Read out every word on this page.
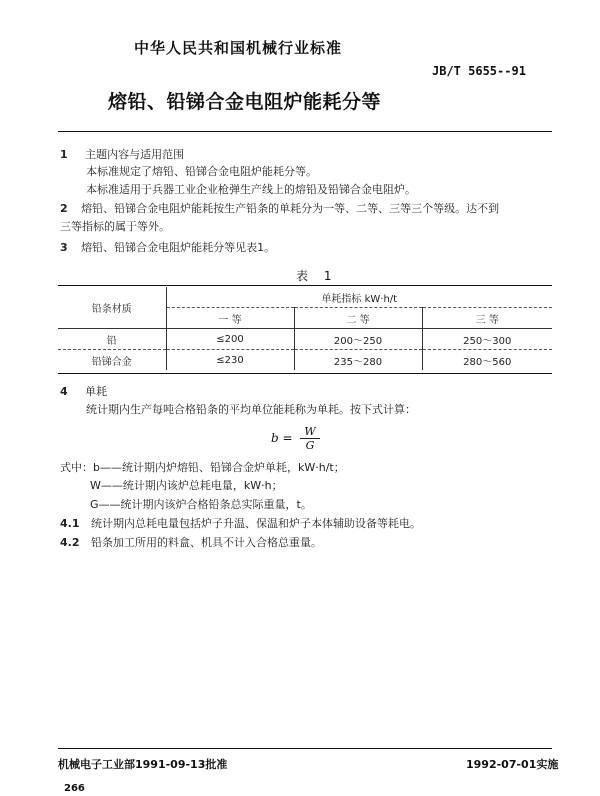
中华人民共和国机械行业标准
JB/T 5655--91
熔铅、铅锑合金电阻炉能耗分等
1 主题内容与适用范围
本标准规定了熔铅、铅锑合金电阻炉能耗分等。
本标准适用于兵器工业企业枪弹生产线上的熔铅及铅锑合金电阻炉。
2 熔铅、铅锑合金电阻炉能耗按生产铅条的单耗分为一等、二等、三等三个等级。达不到
三等指标的属于等外。
3 熔铅、铅锑合金电阻炉能耗分等见表1。
表 1
铅条材质	单耗指标 kW·h/t		
	一 等	二 等	三 等
铅	≤200	200～250	250～300
铅锑合金	≤230	235～280	280～560
4 单耗
统计期内生产每吨合格铅条的平均单位能耗称为单耗。按下式计算：
$b = \frac{W}{G}$
式中：b——统计期内炉熔铅、铅锑合金炉单耗，kW·h/t；
W——统计期内该炉总耗电量，kW·h；
G——统计期内该炉合格铅条总实际重量，t。
4.1 统计期内总耗电量包括炉子升温、保温和炉子本体辅助设备等耗电。
4.2 铅条加工所用的料盒、机具不计入合格总重量。
机械电子工业部1991-09-13批准	1992-07-01实施
266
